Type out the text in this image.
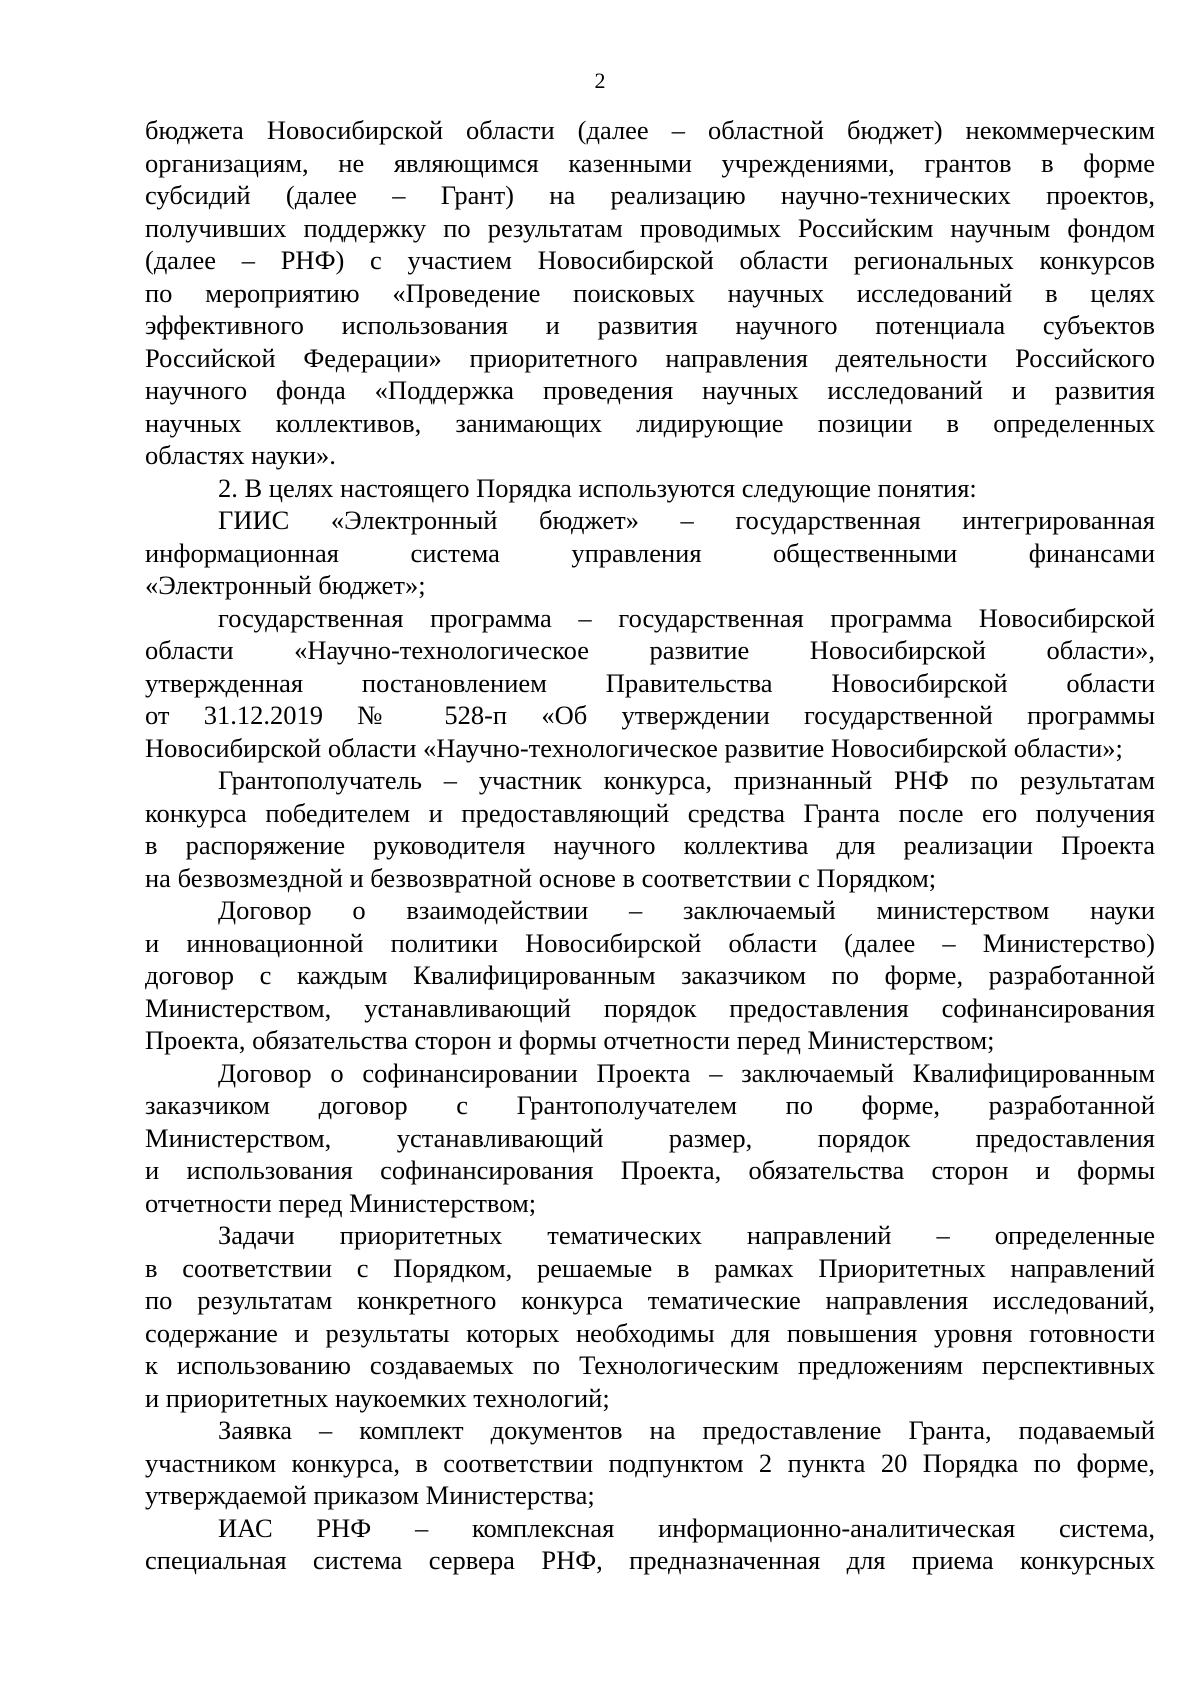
2
бюджета Новосибирской области (далее – областной бюджет) некоммерческим
организациям, не являющимся казенными учреждениями, грантов в форме
субсидий (далее – Грант) на реализацию научно-технических проектов,
получивших поддержку по результатам проводимых Российским научным фондом
(далее – РНФ) с участием Новосибирской области региональных конкурсов
по мероприятию «Проведение поисковых научных исследований в целях
эффективного использования и развития научного потенциала субъектов
Российской Федерации» приоритетного направления деятельности Российского
научного фонда «Поддержка проведения научных исследований и развития
научных коллективов, занимающих лидирующие позиции в определенных
областях науки».
2. В целях настоящего Порядка используются следующие понятия:
ГИИС «Электронный бюджет» – государственная интегрированная
информационная система управления общественными финансами
«Электронный бюджет»;
государственная программа – государственная программа Новосибирской
области «Научно-технологическое развитие Новосибирской области»,
утвержденная постановлением Правительства Новосибирской области
от 31.12.2019 № 528-п «Об утверждении государственной программы
Новосибирской области «Научно-технологическое развитие Новосибирской области»;
Грантополучатель – участник конкурса, признанный РНФ по результатам
конкурса победителем и предоставляющий средства Гранта после его получения
в распоряжение руководителя научного коллектива для реализации Проекта
на безвозмездной и безвозвратной основе в соответствии с Порядком;
Договор о взаимодействии – заключаемый министерством науки
и инновационной политики Новосибирской области (далее – Министерство)
договор с каждым Квалифицированным заказчиком по форме, разработанной
Министерством, устанавливающий порядок предоставления софинансирования
Проекта, обязательства сторон и формы отчетности перед Министерством;
Договор о софинансировании Проекта – заключаемый Квалифицированным
заказчиком договор с Грантополучателем по форме, разработанной
Министерством, устанавливающий размер, порядок предоставления
и использования софинансирования Проекта, обязательства сторон и формы
отчетности перед Министерством;
Задачи приоритетных тематических направлений – определенные
в соответствии с Порядком, решаемые в рамках Приоритетных направлений
по результатам конкретного конкурса тематические направления исследований,
содержание и результаты которых необходимы для повышения уровня готовности
к использованию создаваемых по Технологическим предложениям перспективных
и приоритетных наукоемких технологий;
Заявка – комплект документов на предоставление Гранта, подаваемый
участником конкурса, в соответствии подпунктом 2 пункта 20 Порядка по форме,
утверждаемой приказом Министерства;
ИАС РНФ – комплексная информационно-аналитическая система,
специальная система сервера РНФ, предназначенная для приема конкурсных
